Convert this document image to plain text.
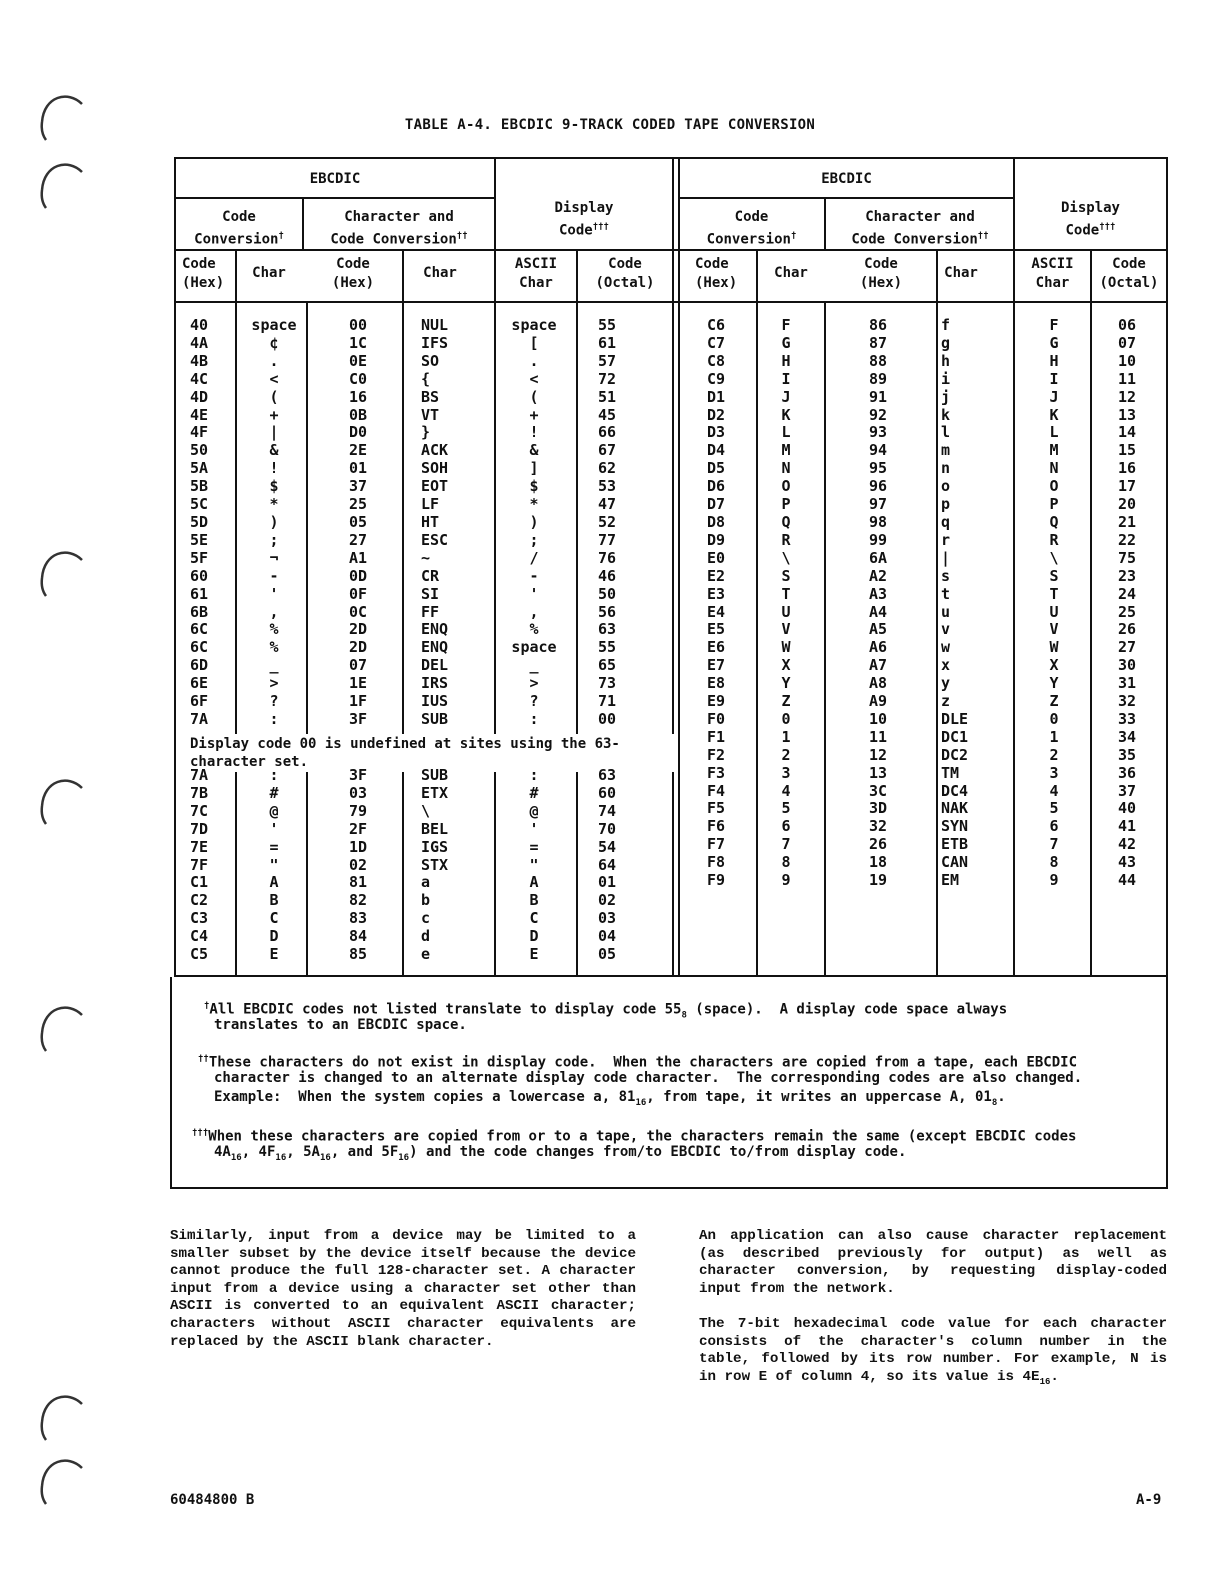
TABLE A-4. EBCDIC 9-TRACK CODED TAPE CONVERSION
EBCDIC	EBCDIC
Code
Conversion†
Character and
Code Conversion††
Display
Code†††
Code
Conversion†
Character and
Code Conversion††
Display
Code†††
Code
(Hex)
Char
Code
(Hex)
Char
ASCII
Char
Code
(Octal)
Code
(Hex)
Char
Code
(Hex)
Char
ASCII
Char
Code
(Octal)
40
4A
4B
4C
4D
4E
4F
50
5A
5B
5C
5D
5E
5F
60
61
6B
6C
6C
6D
6E
6F
7A
space
¢
.
<
(
+
|
&
!
$
*
)
;
¬
-
'
,
%
%
_
>
?
:
00
1C
0E
C0
16
0B
D0
2E
01
37
25
05
27
A1
0D
0F
0C
2D
2D
07
1E
1F
3F
NUL
IFS
SO
{
BS
VT
}
ACK
SOH
EOT
LF
HT
ESC
~
CR
SI
FF
ENQ
ENQ
DEL
IRS
IUS
SUB
space
[
.
<
(
+
!
&
]
$
*
)
;
/
-
'
,
%
space
_
>
?
:
55
61
57
72
51
45
66
67
62
53
47
52
77
76
46
50
56
63
55
65
73
71
00
Display code 00 is undefined at sites using the 63-character set.
7A
7B
7C
7D
7E
7F
C1
C2
C3
C4
C5
:
#
@
'
=
"
A
B
C
D
E
3F
03
79
2F
1D
02
81
82
83
84
85
SUB
ETX
\
BEL
IGS
STX
a
b
c
d
e
:
#
@
'
=
"
A
B
C
D
E
63
60
74
70
54
64
01
02
03
04
05
C6
C7
C8
C9
D1
D2
D3
D4
D5
D6
D7
D8
D9
E0
E2
E3
E4
E5
E6
E7
E8
E9
F0
F1
F2
F3
F4
F5
F6
F7
F8
F9
F
G
H
I
J
K
L
M
N
O
P
Q
R
\
S
T
U
V
W
X
Y
Z
0
1
2
3
4
5
6
7
8
9
86
87
88
89
91
92
93
94
95
96
97
98
99
6A
A2
A3
A4
A5
A6
A7
A8
A9
10
11
12
13
3C
3D
32
26
18
19
f
g
h
i
j
k
l
m
n
o
p
q
r
|
s
t
u
v
w
x
y
z
DLE
DC1
DC2
TM
DC4
NAK
SYN
ETB
CAN
EM
F
G
H
I
J
K
L
M
N
O
P
Q
R
\
S
T
U
V
W
X
Y
Z
0
1
2
3
4
5
6
7
8
9
06
07
10
11
12
13
14
15
16
17
20
21
22
75
23
24
25
26
27
30
31
32
33
34
35
36
37
40
41
42
43
44
†All EBCDIC codes not listed translate to display code $55_8$ (space).  A display code space always
translates to an EBCDIC space.
††These characters do not exist in display code.  When the characters are copied from a tape, each EBCDIC
character is changed to an alternate display code character.  The corresponding codes are also changed.
Example:  When the system copies a lowercase a, $81_{16}$, from tape, it writes an uppercase A, $01_8$.
†††When these characters are copied from or to a tape, the characters remain the same (except EBCDIC codes
$4A_{16}$, $4F_{16}$, $5A_{16}$, and $5F_{16}$) and the code changes from/to EBCDIC to/from display code.
Similarly, input from a device may be limited to a smaller subset by the device itself because the device cannot produce the full 128-character set. A character input from a device using a character set other than ASCII is converted to an equivalent ASCII character; characters without ASCII character equivalents are replaced by the ASCII blank character.
An application can also cause character replacement (as described previously for output) as well as character conversion, by requesting display-coded input from the network.
The 7-bit hexadecimal code value for each character consists of the character's column number in the table, followed by its row number. For example, N is in row E of column 4, so its value is $4E_{16}$.
60484800 B	A-9
